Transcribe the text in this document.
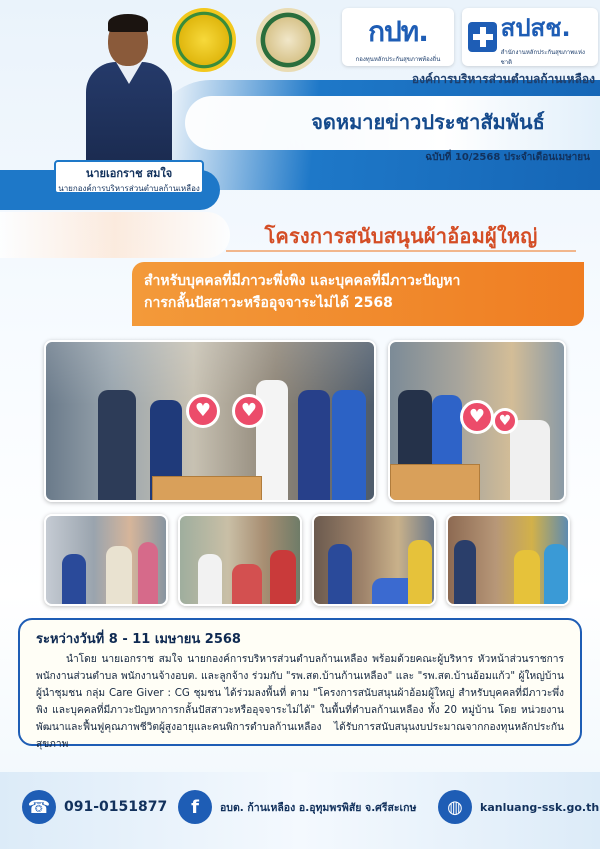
กปท.
กองทุนหลักประกันสุขภาพท้องถิ่น
สปสช.
สำนักงานหลักประกันสุขภาพแห่งชาติ
องค์การบริหารส่วนตำบลก้านเหลือง
นายเอกราช สมใจ
นายกองค์การบริหารส่วนตำบลก้านเหลือง
จดหมายข่าวประชาสัมพันธ์
ฉบับที่ 10/2568 ประจำเดือนเมษายน
โครงการสนับสนุนผ้าอ้อมผู้ใหญ่
สำหรับบุคคลที่มีภาวะพึ่งพิง และบุคคลที่มีภาวะปัญหา
การกลั้นปัสสาวะหรืออุจจาระไม่ได้ 2568
♥	♥	♥ ♥
ระหว่างวันที่ 8 - 11 เมษายน 2568
นำโดย นายเอกราช สมใจ นายกองค์การบริหารส่วนตำบลก้านเหลือง พร้อมด้วยคณะผู้บริหาร หัวหน้าส่วนราชการ พนักงานส่วนตำบล พนักงานจ้างอบต. และลูกจ้าง ร่วมกับ "รพ.สต.บ้านก้านเหลือง" และ "รพ.สต.บ้านอ้อมแก้ว" ผู้ใหญ่บ้าน ผู้นำชุมชน กลุ่ม Care Giver : CG ชุมชน ได้ร่วมลงพื้นที่ ตาม "โครงการสนับสนุนผ้าอ้อมผู้ใหญ่ สำหรับบุคคลที่มีภาวะพึ่งพิง และบุคคลที่มีภาวะปัญหาการกลั้นปัสสาวะหรืออุจจาระไม่ได้" ในพื้นที่ตำบลก้านเหลือง ทั้ง 20 หมู่บ้าน โดย หน่วยงานพัฒนาและฟื้นฟูคุณภาพชีวิตผู้สูงอายุและคนพิการตำบลก้านเหลือง ได้รับการสนับสนุนงบประมาณจากกองทุนหลักประกันสุขภาพ
☎ 091-0151877	f	อบต. ก้านเหลือง อ.อุทุมพรพิสัย จ.ศรีสะเกษ	◍	kanluang-ssk.go.th
